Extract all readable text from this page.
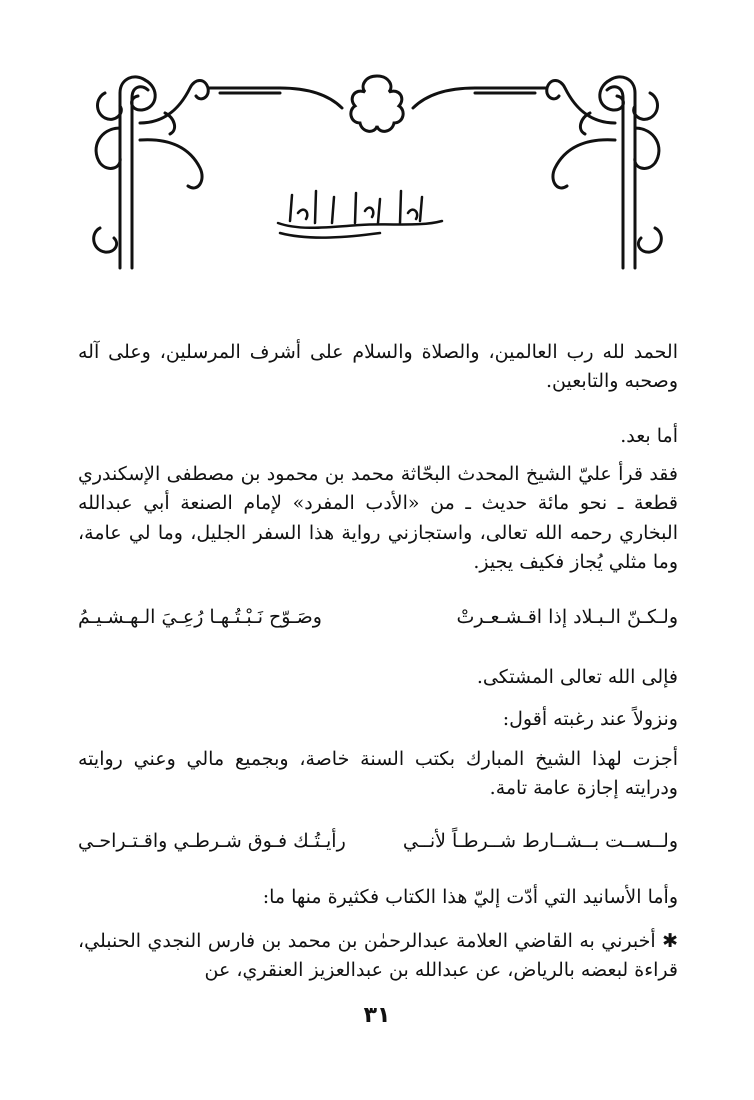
الحمد لله رب العالمين، والصلاة والسلام على أشرف المرسلين، وعلى آله وصحبه والتابعين.
أما بعد.
فقد قرأ عليّ الشيخ المحدث البحّاثة محمد بن محمود بن مصطفى الإسكندري قطعة ـ نحو مائة حديث ـ من «الأدب المفرد» لإمام الصنعة أبي عبدالله البخاري رحمه الله تعالى، واستجازني رواية هذا السفر الجليل، وما لي عامة، وما مثلي يُجاز فكيف يجيز.
ولـكـنّ الـبـلاد إذا اقـشـعـرتْ
وصَـوّح نَـبْـتُـهـا رُعِـيَ الـهـشـيـمُ
فإلى الله تعالى المشتكى.
ونزولاً عند رغبته أقول:
أجزت لهذا الشيخ المبارك بكتب السنة خاصة، وبجميع مالي وعني روايته ودرايته إجازة عامة تامة.
ولــســت بــشــارط شــرطـاً لأنــي
رأيـتُـك فـوق شـرطـي واقـتـراحـي
وأما الأسانيد التي أدّت إليّ هذا الكتاب فكثيرة منها ما:
✱ أخبرني به القاضي العلامة عبدالرحمٰن بن محمد بن فارس النجدي الحنبلي، قراءة لبعضه بالرياض، عن عبدالله بن عبدالعزيز العنقري، عن
٣١
